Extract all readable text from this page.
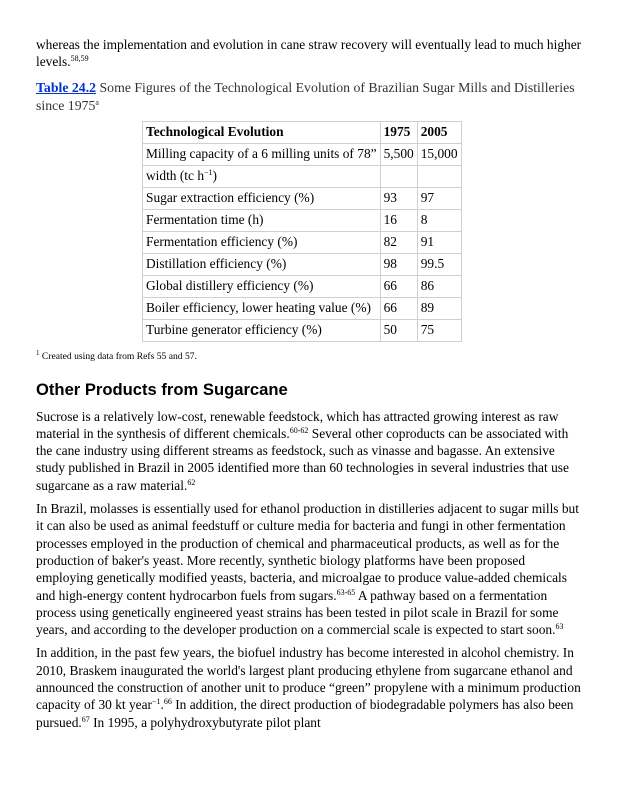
whereas the implementation and evolution in cane straw recovery will eventually lead to much higher levels.$^{58,59}$

Table 24.2 Some Figures of the Technological Evolution of Brazilian Sugar Mills and Distilleries since 1975$^a$

Technological Evolution	1975	2005
Milling capacity of a 6 milling units of 78”	5,500	15,000
width (tc $h^{-1}$)		
Sugar extraction efficiency (%)	93	97
Fermentation time (h)	16	8
Fermentation efficiency (%)	82	91
Distillation efficiency (%)	98	99.5
Global distillery efficiency (%)	66	86
Boiler efficiency, lower heating value (%)	66	89
Turbine generator efficiency (%)	50	75

$^1$ Created using data from Refs 55 and 57.

Other Products from Sugarcane

Sucrose is a relatively low-cost, renewable feedstock, which has attracted growing interest as raw material in the synthesis of different chemicals.$^{60-62}$ Several other coproducts can be associated with the cane industry using different streams as feedstock, such as vinasse and bagasse. An extensive study published in Brazil in 2005 identified more than 60 technologies in several industries that use sugarcane as a raw material.$^{62}$

In Brazil, molasses is essentially used for ethanol production in distilleries adjacent to sugar mills but it can also be used as animal feedstuff or culture media for bacteria and fungi in other fermentation processes employed in the production of chemical and pharmaceutical products, as well as for the production of baker's yeast. More recently, synthetic biology platforms have been proposed employing genetically modified yeasts, bacteria, and microalgae to produce value-added chemicals and high-energy content hydrocarbon fuels from sugars.$^{63-65}$ A pathway based on a fermentation process using genetically engineered yeast strains has been tested in pilot scale in Brazil for some years, and according to the developer production on a commercial scale is expected to start soon.$^{63}$

In addition, in the past few years, the biofuel industry has become interested in alcohol chemistry. In 2010, Braskem inaugurated the world's largest plant producing ethylene from sugarcane ethanol and announced the construction of another unit to produce “green” propylene with a minimum production capacity of 30 kt year$^{-1}$.$^{66}$ In addition, the direct production of biodegradable polymers has also been pursued.$^{67}$ In 1995, a polyhydroxybutyrate pilot plant
